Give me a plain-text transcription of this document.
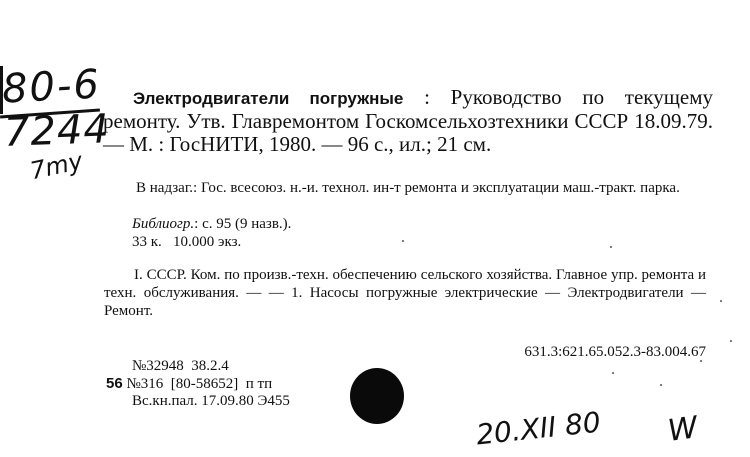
80-6
7244
7my
Электродвигатели погружные : Руководство по текущему ремонту. Утв. Главремонтом Госкомсельхозтехники СССР 18.09.79. — М. : ГосНИТИ, 1980. — 96 с., ил.; 21 см.
В надзаг.: Гос. всесоюз. н.-и. технол. ин-т ремонта и эксплуатации маш.-тракт. парка.
Библиогр.: с. 95 (9 назв.).
33 к.   10.000 экз.
I. СССР. Ком. по произв.-техн. обеспечению сельского хозяйства. Главное упр. ремонта и техн. обслуживания. — — 1. Насосы погружные электрические — Электродвигатели — Ремонт.
631.3:621.65.052.3-83.004.67
№32948  38.2.4
56 №316  [80-58652]  п тп
Вс.кн.пал. 17.09.80 Э455
20.XII 80 W
